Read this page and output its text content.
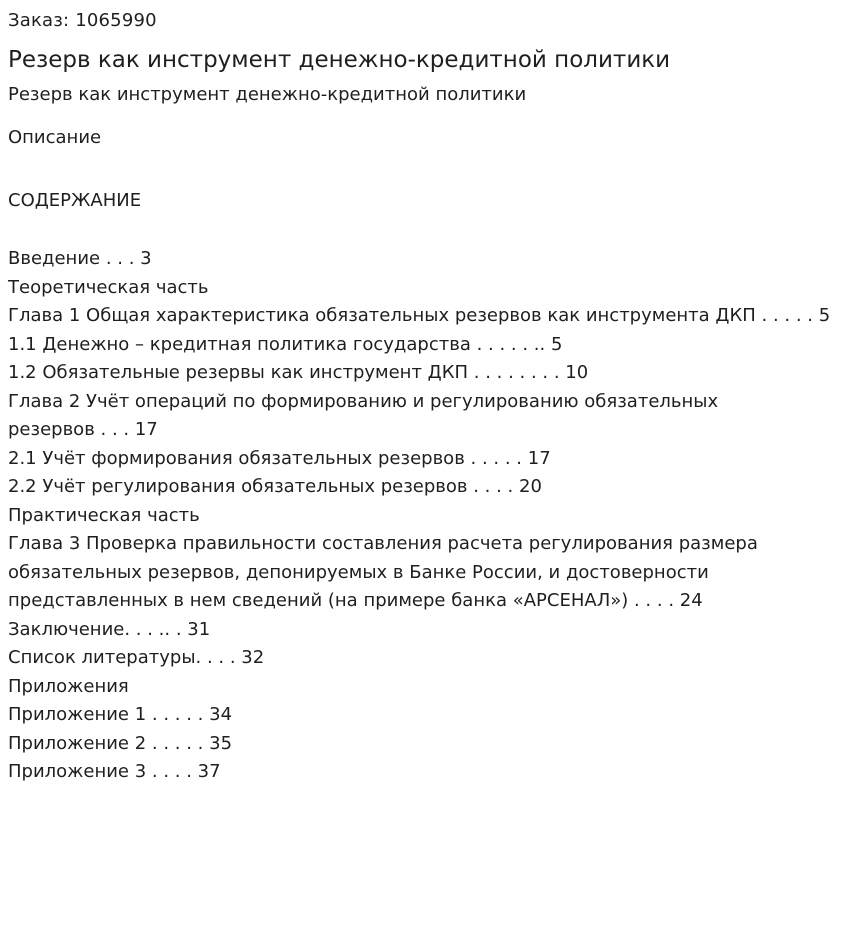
Заказ: 1065990

Резерв как инструмент денежно-кредитной политики

Резерв как инструмент денежно-кредитной политики

Описание

СОДЕРЖАНИЕ

Введение . . . 3
Теоретическая часть
Глава 1 Общая характеристика обязательных резервов как инструмента ДКП . . . . . 5
1.1 Денежно – кредитная политика государства . . . . . .. 5
1.2 Обязательные резервы как инструмент ДКП . . . . . . . . 10
Глава 2 Учёт операций по формированию и регулированию обязательных резервов . . . 17
2.1 Учёт формирования обязательных резервов . . . . . 17
2.2 Учёт регулирования обязательных резервов . . . . 20
Практическая часть
Глава 3 Проверка правильности составления расчета регулирования размера обязательных резервов, депонируемых в Банке России, и достоверности представленных в нем сведений (на примере банка «АРСЕНАЛ») . . . . 24
Заключение. . . .. . 31
Список литературы. . . . 32
Приложения
Приложение 1 . . . . . 34
Приложение 2 . . . . . 35
Приложение 3 . . . . 37
